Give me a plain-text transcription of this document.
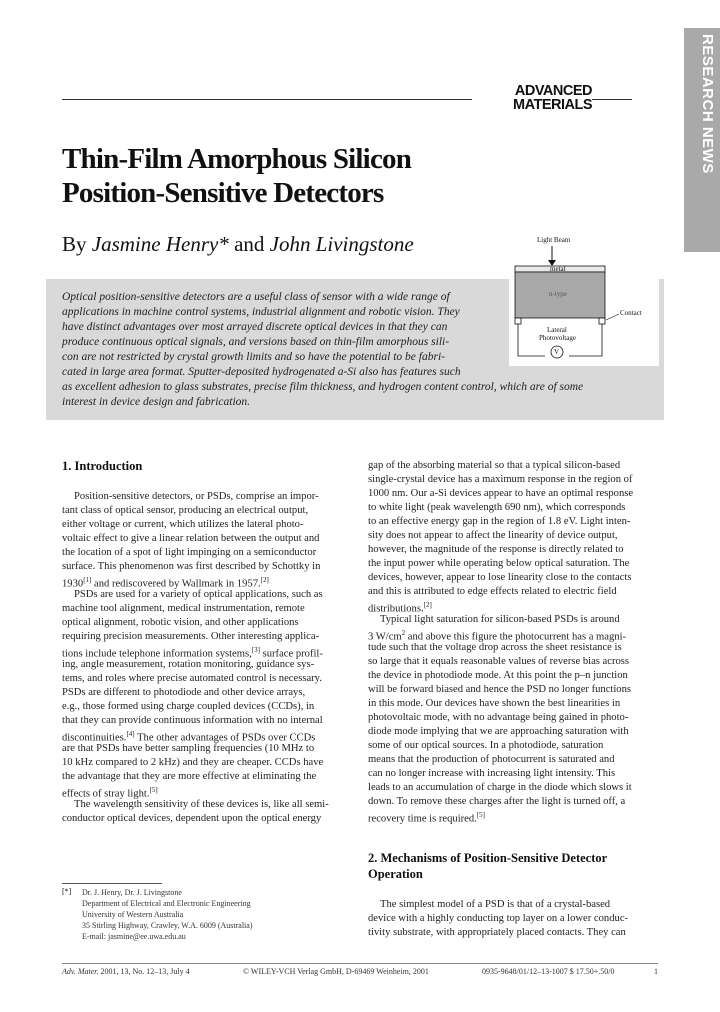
RESEARCH NEWS
ADVANCED
MATERIALS
Thin-Film Amorphous Silicon
Position-Sensitive Detectors
By Jasmine Henry* and John Livingstone
Optical position-sensitive detectors are a useful class of sensor with a wide range of
applications in machine control systems, industrial alignment and robotic vision. They
have distinct advantages over most arrayed discrete optical devices in that they can
produce continuous optical signals, and versions based on thin-film amorphous sili-
con are not restricted by crystal growth limits and so have the potential to be fabri-
cated in large area format. Sputter-deposited hydrogenated a-Si also has features such
as excellent adhesion to glass substrates, precise film thickness, and hydrogen content control, which are of some
interest in device design and fabrication.
Light Beam
metal
n-type
Contact
Lateral
Photovoltage
V
1. Introduction
Position-sensitive detectors, or PSDs, comprise an impor-
tant class of optical sensor, producing an electrical output,
either voltage or current, which utilizes the lateral photo-
voltaic effect to give a linear relation between the output and
the location of a spot of light impinging on a semiconductor
surface. This phenomenon was first described by Schottky in
1930[1] and rediscovered by Wallmark in 1957.[2]
PSDs are used for a variety of optical applications, such as
machine tool alignment, medical instrumentation, remote
optical alignment, robotic vision, and other applications
requiring precision measurements. Other interesting applica-
tions include telephone information systems,[3] surface profil-
ing, angle measurement, rotation monitoring, guidance sys-
tems, and roles where precise automated control is necessary.
PSDs are different to photodiode and other device arrays,
e.g., those formed using charge coupled devices (CCDs), in
that they can provide continuous information with no internal
discontinuities.[4] The other advantages of PSDs over CCDs
are that PSDs have better sampling frequencies (10 MHz to
10 kHz compared to 2 kHz) and they are cheaper. CCDs have
the advantage that they are more effective at eliminating the
effects of stray light.[5]
The wavelength sensitivity of these devices is, like all semi-
conductor optical devices, dependent upon the optical energy
gap of the absorbing material so that a typical silicon-based
single-crystal device has a maximum response in the region of
1000 nm. Our a-Si devices appear to have an optimal response
to white light (peak wavelength 690 nm), which corresponds
to an effective energy gap in the region of 1.8 eV. Light inten-
sity does not appear to affect the linearity of device output,
however, the magnitude of the response is directly related to
the input power while operating below optical saturation. The
devices, however, appear to lose linearity close to the contacts
and this is attributed to edge effects related to electric field
distributions.[2]
Typical light saturation for silicon-based PSDs is around
3 $W/cm^2$ and above this figure the photocurrent has a magni-
tude such that the voltage drop across the sheet resistance is
so large that it equals reasonable values of reverse bias across
the device in photodiode mode. At this point the p–n junction
will be forward biased and hence the PSD no longer functions
in this mode. Our devices have shown the best linearities in
photovoltaic mode, with no advantage being gained in photo-
diode mode implying that we are approaching saturation with
some of our optical sources. In a photodiode, saturation
means that the production of photocurrent is saturated and
can no longer increase with increasing light intensity. This
leads to an accumulation of charge in the diode which slows it
down. To remove these charges after the light is turned off, a
recovery time is required.[5]
2. Mechanisms of Position-Sensitive Detector
Operation
The simplest model of a PSD is that of a crystal-based
device with a highly conducting top layer on a lower conduc-
tivity substrate, with appropriately placed contacts. They can
[*] Dr. J. Henry, Dr. J. Livingstone
Department of Electrical and Electronic Engineering
University of Western Australia
35 Stirling Highway, Crawley, W.A. 6009 (Australia)
E-mail: jasmine@ee.uwa.edu.au
Adv. Mater. 2001, 13, No. 12–13, July 4	© WILEY-VCH Verlag GmbH, D-69469 Weinheim, 2001	0935-9648/01/12–13-1007 $ 17.50+.50/0	1
